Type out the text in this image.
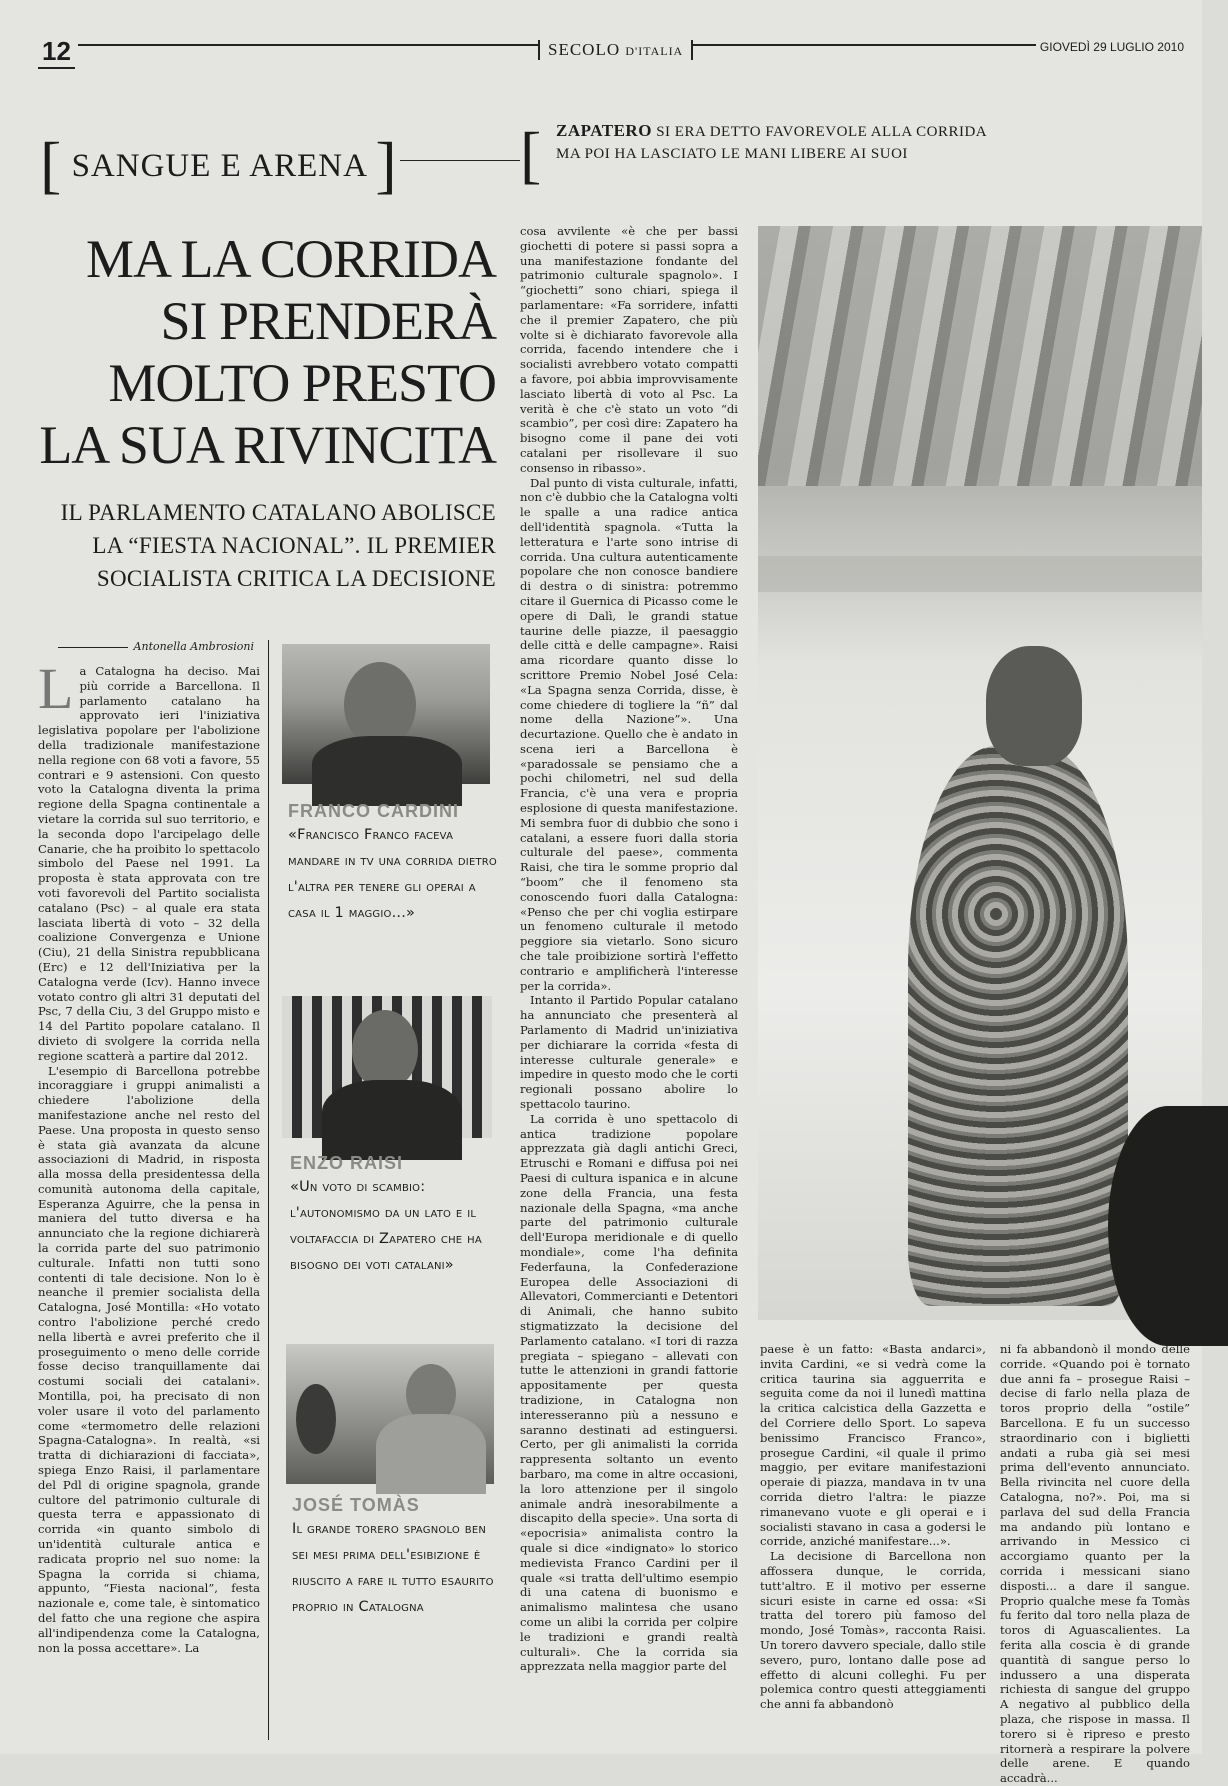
12	SECOLO D'ITALIA	GIOVEDÌ 29 LUGLIO 2010
[ SANGUE E ARENA ] [ ZAPATERO SI ERA DETTO FAVOREVOLE ALLA CORRIDA
MA POI HA LASCIATO LE MANI LIBERE AI SUOI
MA LA CORRIDA
SI PRENDERÀ
MOLTO PRESTO
LA SUA RIVINCITA
IL PARLAMENTO CATALANO ABOLISCE
LA “FIESTA NACIONAL”. IL PREMIER
SOCIALISTA CRITICA LA DECISIONE
Antonella Ambrosioni

La Catalogna ha deciso. Mai più corride a Barcellona. Il parlamento catalano ha approvato ieri l'iniziativa legislativa popolare per l'abolizione della tradizionale manifestazione nella regione con 68 voti a favore, 55 contrari e 9 astensioni. Con questo voto la Catalogna diventa la prima regione della Spagna continentale a vietare la corrida sul suo territorio, e la seconda dopo l'arcipelago delle Canarie, che ha proibito lo spettacolo simbolo del Paese nel 1991. La proposta è stata approvata con tre voti favorevoli del Partito socialista catalano (Psc) – al quale era stata lasciata libertà di voto – 32 della coalizione Convergenza e Unione (Ciu), 21 della Sinistra repubblicana (Erc) e 12 dell'Iniziativa per la Catalogna verde (Icv). Hanno invece votato contro gli altri 31 deputati del Psc, 7 della Ciu, 3 del Gruppo misto e 14 del Partito popolare catalano. Il divieto di svolgere la corrida nella regione scatterà a partire dal 2012.

L'esempio di Barcellona potrebbe incoraggiare i gruppi animalisti a chiedere l'abolizione della manifestazione anche nel resto del Paese. Una proposta in questo senso è stata già avanzata da alcune associazioni di Madrid, in risposta alla mossa della presidentessa della comunità autonoma della capitale, Esperanza Aguirre, che la pensa in maniera del tutto diversa e ha annunciato che la regione dichiarerà la corrida parte del suo patrimonio culturale. Infatti non tutti sono contenti di tale decisione. Non lo è neanche il premier socialista della Catalogna, José Montilla: «Ho votato contro l'abolizione perché credo nella libertà e avrei preferito che il proseguimento o meno delle corride fosse deciso tranquillamente dai costumi sociali dei catalani». Montilla, poi, ha precisato di non voler usare il voto del parlamento come «termometro delle relazioni Spagna-Catalogna». In realtà, «si tratta di dichiarazioni di facciata», spiega Enzo Raisi, il parlamentare del Pdl di origine spagnola, grande cultore del patrimonio culturale di questa terra e appassionato di corrida «in quanto simbolo di un'identità culturale antica e radicata proprio nel suo nome: la Spagna la corrida si chiama, appunto, “Fiesta nacional”, festa nazionale e, come tale, è sintomatico del fatto che una regione che aspira all'indipendenza come la Catalogna, non la possa accettare». La

FRANCO CARDINI
«Francisco Franco faceva mandare in tv una corrida dietro l'altra per tenere gli operai a casa il 1 maggio...»
ENZO RAISI
«Un voto di scambio: l'autonomismo da un lato e il voltafaccia di Zapatero che ha bisogno dei voti catalani»
JOSÉ TOMÀS
Il grande torero spagnolo ben sei mesi prima dell'esibizione è riuscito a fare il tutto esaurito proprio in Catalogna

cosa avvilente «è che per bassi giochetti di potere si passi sopra a una manifestazione fondante del patrimonio culturale spagnolo». I “giochetti” sono chiari, spiega il parlamentare: «Fa sorridere, infatti che il premier Zapatero, che più volte si è dichiarato favorevole alla corrida, facendo intendere che i socialisti avrebbero votato compatti a favore, poi abbia improvvisamente lasciato libertà di voto al Psc. La verità è che c'è stato un voto “di scambio”, per così dire: Zapatero ha bisogno come il pane dei voti catalani per risollevare il suo consenso in ribasso».

Dal punto di vista culturale, infatti, non c'è dubbio che la Catalogna volti le spalle a una radice antica dell'identità spagnola. «Tutta la letteratura e l'arte sono intrise di corrida. Una cultura autenticamente popolare che non conosce bandiere di destra o di sinistra: potremmo citare il Guernica di Picasso come le opere di Dalì, le grandi statue taurine delle piazze, il paesaggio delle città e delle campagne». Raisi ama ricordare quanto disse lo scrittore Premio Nobel José Cela: «La Spagna senza Corrida, disse, è come chiedere di togliere la “ñ” dal nome della Nazione”». Una decurtazione. Quello che è andato in scena ieri a Barcellona è «paradossale se pensiamo che a pochi chilometri, nel sud della Francia, c'è una vera e propria esplosione di questa manifestazione. Mi sembra fuor di dubbio che sono i catalani, a essere fuori dalla storia culturale del paese», commenta Raisi, che tira le somme proprio dal “boom” che il fenomeno sta conoscendo fuori dalla Catalogna: «Penso che per chi voglia estirpare un fenomeno culturale il metodo peggiore sia vietarlo. Sono sicuro che tale proibizione sortirà l'effetto contrario e amplificherà l'interesse per la corrida».

Intanto il Partido Popular catalano ha annunciato che presenterà al Parlamento di Madrid un'iniziativa per dichiarare la corrida «festa di interesse culturale generale» e impedire in questo modo che le corti regionali possano abolire lo spettacolo taurino.

La corrida è uno spettacolo di antica tradizione popolare apprezzata già dagli antichi Greci, Etruschi e Romani e diffusa poi nei Paesi di cultura ispanica e in alcune zone della Francia, una festa nazionale della Spagna, «ma anche parte del patrimonio culturale dell'Europa meridionale e di quello mondiale», come l'ha definita Federfauna, la Confederazione Europea delle Associazioni di Allevatori, Commercianti e Detentori di Animali, che hanno subito stigmatizzato la decisione del Parlamento catalano. «I tori di razza pregiata – spiegano – allevati con tutte le attenzioni in grandi fattorie appositamente per questa tradizione, in Catalogna non interesseranno più a nessuno e saranno destinati ad estinguersi. Certo, per gli animalisti la corrida rappresenta soltanto un evento barbaro, ma come in altre occasioni, la loro attenzione per il singolo animale andrà inesorabilmente a discapito della specie». Una sorta di «epocrisia» animalista contro la quale si dice «indignato» lo storico medievista Franco Cardini per il quale «si tratta dell'ultimo esempio di una catena di buonismo e animalismo malintesa che usano come un alibi la corrida per colpire le tradizioni e grandi realtà culturali». Che la corrida sia apprezzata nella maggior parte del

paese è un fatto: «Basta andarci», invita Cardini, «e si vedrà come la critica taurina sia agguerrita e seguita come da noi il lunedì mattina la critica calcistica della Gazzetta e del Corriere dello Sport. Lo sapeva benissimo Francisco Franco», prosegue Cardini, «il quale il primo maggio, per evitare manifestazioni operaie di piazza, mandava in tv una corrida dietro l'altra: le piazze rimanevano vuote e gli operai e i socialisti stavano in casa a godersi le corride, anziché manifestare...».

La decisione di Barcellona non affossera dunque, le corrida, tutt'altro. E il motivo per esserne sicuri esiste in carne ed ossa: «Si tratta del torero più famoso del mondo, José Tomàs», racconta Raisi. Un torero davvero speciale, dallo stile severo, puro, lontano dalle pose ad effetto di alcuni colleghi. Fu per polemica contro questi atteggiamenti che anni fa abbandonò

ni fa abbandonò il mondo delle corride. «Quando poi è tornato due anni fa – prosegue Raisi – decise di farlo nella plaza de toros proprio della “ostile” Barcellona. E fu un successo straordinario con i biglietti andati a ruba già sei mesi prima dell'evento annunciato. Bella rivincita nel cuore della Catalogna, no?». Poi, ma si parlava del sud della Francia ma andando più lontano e arrivando in Messico ci accorgiamo quanto per la corrida i messicani siano disposti... a dare il sangue. Proprio qualche mese fa Tomàs fu ferito dal toro nella plaza de toros di Aguascalientes. La ferita alla coscia è di grande quantità di sangue perso lo indussero a una disperata richiesta di sangue del gruppo A negativo al pubblico della plaza, che rispose in massa. Il torero si è ripreso e presto ritornerà a respirare la polvere delle arene. E quando accadrà...
